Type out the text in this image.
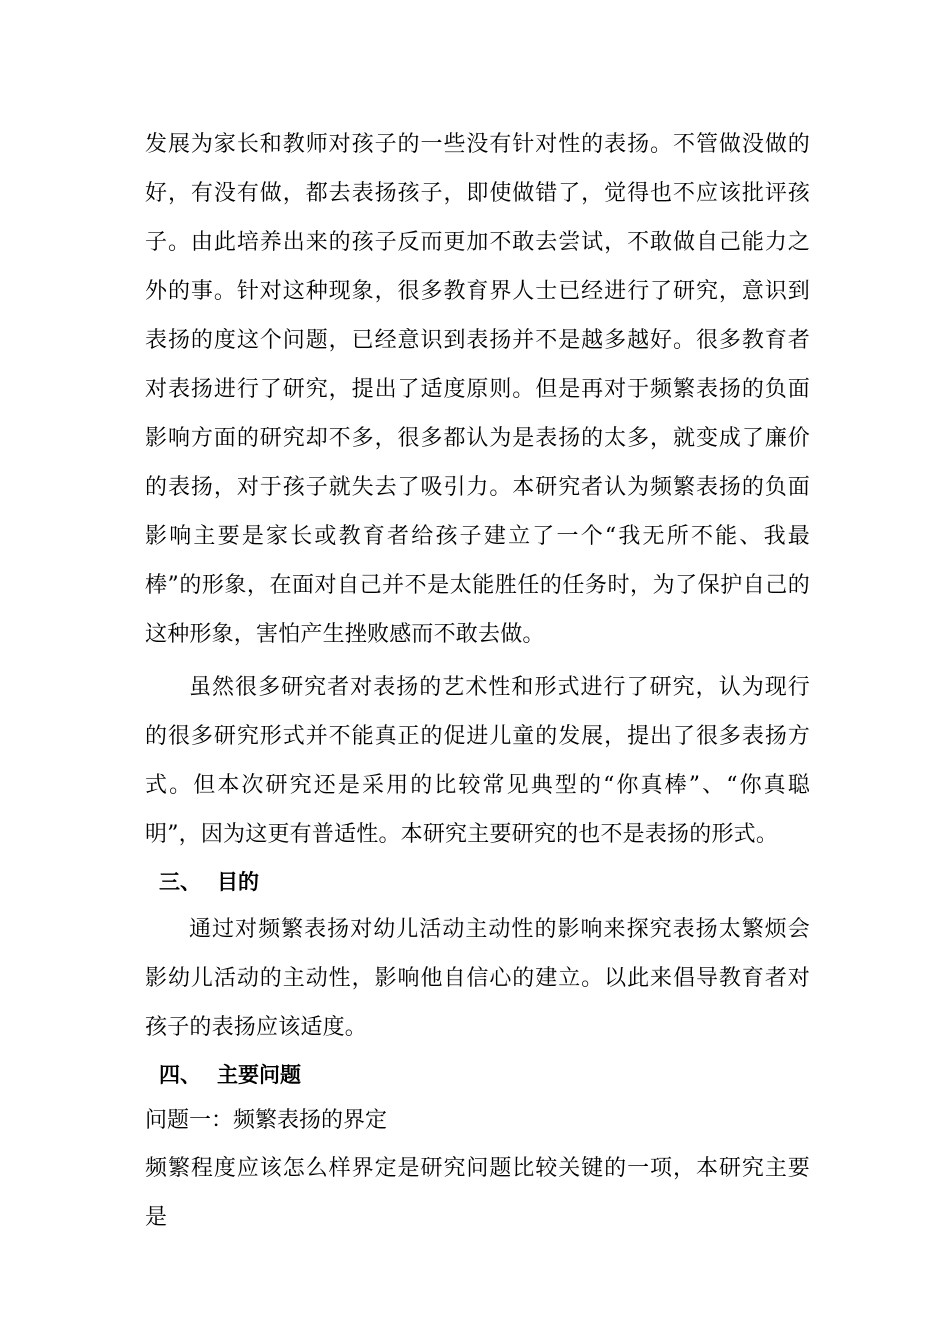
发展为家长和教师对孩子的一些没有针对性的表扬。不管做没做的好，有没有做，都去表扬孩子，即使做错了，觉得也不应该批评孩子。由此培养出来的孩子反而更加不敢去尝试，不敢做自己能力之外的事。针对这种现象，很多教育界人士已经进行了研究，意识到表扬的度这个问题，已经意识到表扬并不是越多越好。很多教育者对表扬进行了研究，提出了适度原则。但是再对于频繁表扬的负面影响方面的研究却不多，很多都认为是表扬的太多，就变成了廉价的表扬，对于孩子就失去了吸引力。本研究者认为频繁表扬的负面影响主要是家长或教育者给孩子建立了一个“我无所不能、我最棒”的形象，在面对自己并不是太能胜任的任务时，为了保护自己的这种形象，害怕产生挫败感而不敢去做。

虽然很多研究者对表扬的艺术性和形式进行了研究，认为现行的很多研究形式并不能真正的促进儿童的发展，提出了很多表扬方式。但本次研究还是采用的比较常见典型的“你真棒”、“你真聪明”，因为这更有普适性。本研究主要研究的也不是表扬的形式。

三、 目的

通过对频繁表扬对幼儿活动主动性的影响来探究表扬太繁烦会影幼儿活动的主动性，影响他自信心的建立。以此来倡导教育者对孩子的表扬应该适度。

四、 主要问题

问题一：频繁表扬的界定

频繁程度应该怎么样界定是研究问题比较关键的一项，本研究主要是
